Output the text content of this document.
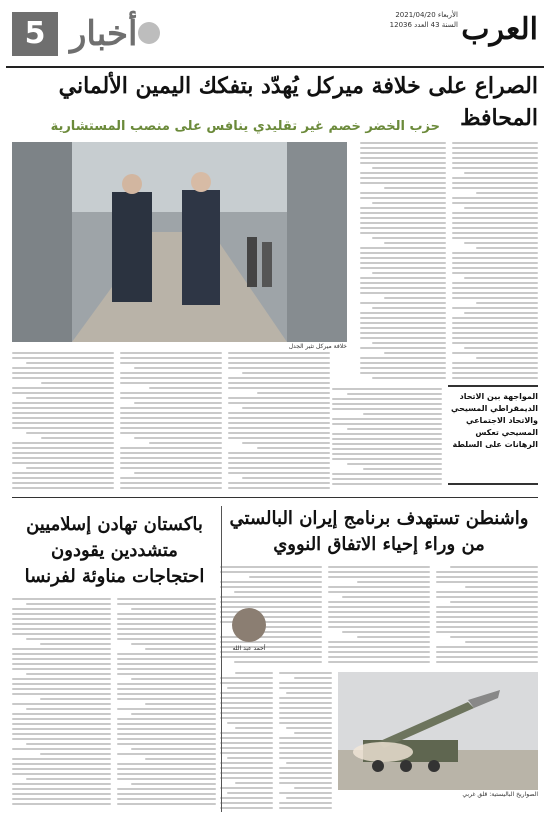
العرب
الأربعاء 2021/04/20
السنة 43 العدد 12036
أخبار
5
الصراع على خلافة ميركل يُهدّد بتفكك اليمين الألماني المحافظ
حزب الخضر خصم غير تقليدي ينافس على منصب المستشارية
خلافة ميركل تثير الجدل
المواجهة بين الاتحاد الديمقراطي المسيحي والاتحاد الاجتماعي المسيحي تعكس الرهانات على السلطة
واشنطن تستهدف برنامج إيران البالستي من وراء إحياء الاتفاق النووي
أحمد عبد الله
الصواريخ الباليستية: قلق غربي
باكستان تهادن إسلاميين متشددين يقودون احتجاجات مناوئة لفرنسا
